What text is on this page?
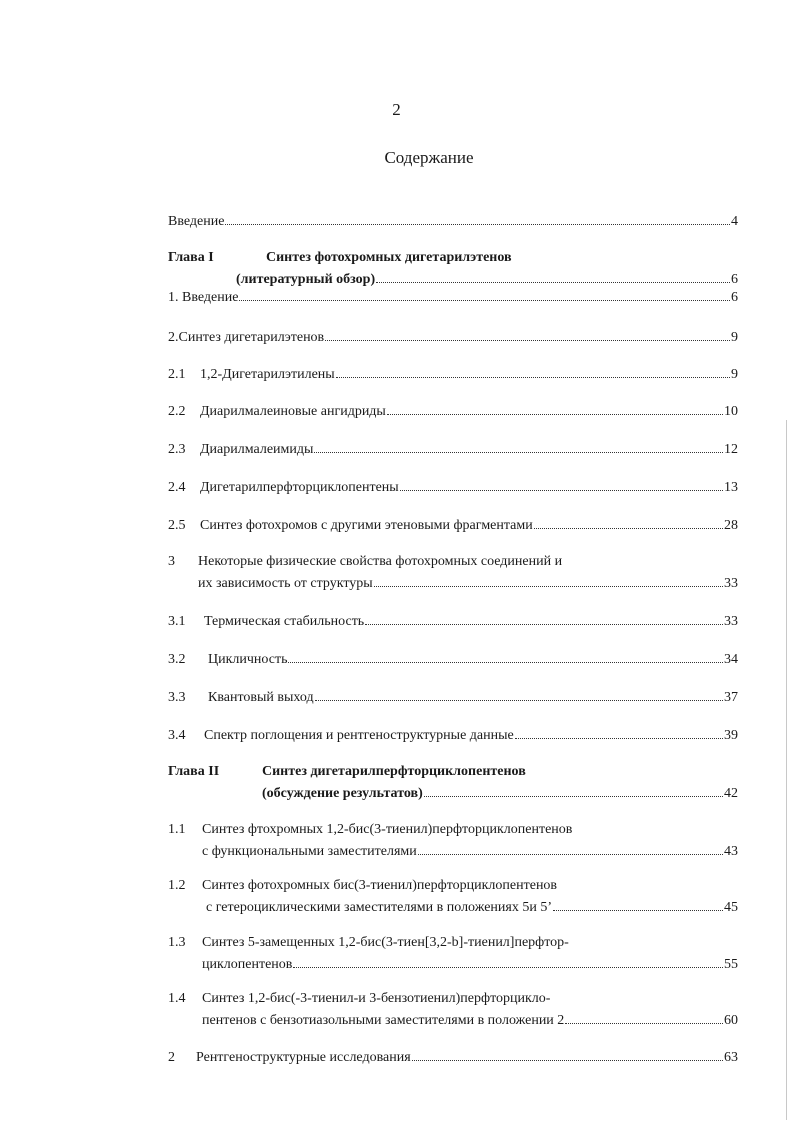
2
Содержание
Введение	4
Глава I	Синтез фотохромных дигетарилэтенов
(литературный обзор)	6
1. Введение	6
2.Синтез дигетарилэтенов	9
2.1	1,2-Дигетарилэтилены	9
2.2	Диарилмалеиновые ангидриды	10
2.3	Диарилмалеимиды	12
2.4	Дигетарилперфторциклопентены	13
2.5	Синтез фотохромов с другими этеновыми фрагментами	28
3	Некоторые физические свойства фотохромных соединений и
их зависимость от структуры	33
3.1	Термическая стабильность	33
3.2	Цикличность	34
3.3	Квантовый выход	37
3.4	Спектр поглощения и рентгеноструктурные данные	39
Глава II	Синтез дигетарилперфторциклопентенов
(обсуждение результатов)	42
1.1	Синтез фтохромных 1,2-бис(3-тиенил)перфторциклопентенов
с функциональными заместителями	43
1.2	Синтез фотохромных бис(3-тиенил)перфторциклопентенов
с гетероциклическими заместителями в положениях 5и 5’	45
1.3	Синтез 5-замещенных 1,2-бис(3-тиен[3,2-b]-тиенил]перфтор-
циклопентенов	55
1.4	Синтез 1,2-бис(-3-тиенил-и 3-бензотиенил)перфторцикло-
пентенов с бензотиазольными заместителями в положении 2	60
2	Рентгеноструктурные исследования	63
